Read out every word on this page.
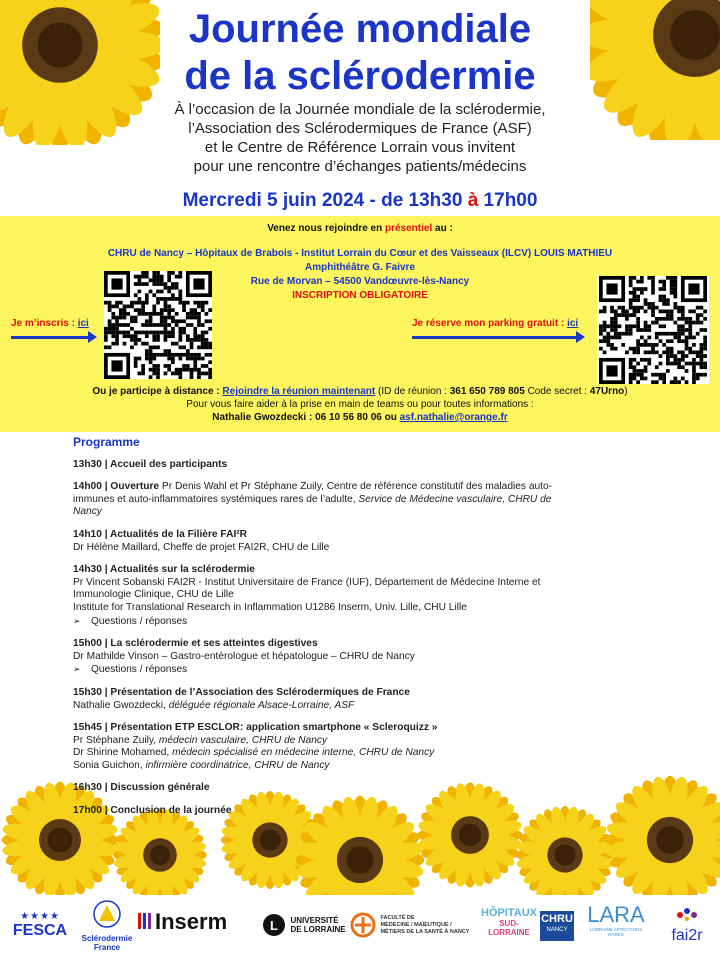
Journée mondiale
de la sclérodermie
À l’occasion de la Journée mondiale de la sclérodermie,
l’Association des Sclérodermiques de France (ASF)
et le Centre de Référence Lorrain vous invitent
pour une rencontre d’échanges patients/médecins
Mercredi 5 juin 2024 - de 13h30 à 17h00
Venez nous rejoindre en présentiel au :
CHRU de Nancy – Hôpitaux de Brabois - Institut Lorrain du Cœur et des Vaisseaux (ILCV) LOUIS MATHIEU
Amphithéâtre G. Faivre
Rue de Morvan – 54500 Vandœuvre-lès-Nancy
INSCRIPTION OBLIGATOIRE
Je m’inscris : ici	Je réserve mon parking gratuit : ici
Ou je participe à distance : Rejoindre la réunion maintenant (ID de réunion : 361 650 789 805 Code secret : 47Urno)
Pour vous faire aider à la prise en main de teams ou pour toutes informations :
Nathalie Gwozdecki : 06 10 56 80 06 ou asf.nathalie@orange.fr
Programme
13h30 | Accueil des participants
14h00 | Ouverture Pr Denis Wahl et Pr Stéphane Zuily, Centre de référence constitutif des maladies auto-
immunes et auto-inflammatoires systémiques rares de l’adulte, Service de Médecine vasculaire, CHRU de
Nancy
14h10 | Actualités de la Filière FAI²R
Dr Hélène Maillard, Cheffe de projet FAI2R, CHU de Lille
14h30 | Actualités sur la sclérodermie
Pr Vincent Sobanski FAI2R - Institut Universitaire de France (IUF), Département de Médecine Interne et
Immunologie Clinique, CHU de Lille
Institute for Translational Research in Inflammation U1286 Inserm, Univ. Lille, CHU Lille
➢ Questions / réponses
15h00 | La sclérodermie et ses atteintes digestives
Dr Mathilde Vinson – Gastro-entérologue et hépatologue – CHRU de Nancy
➢ Questions / réponses
15h30 | Présentation de l’Association des Sclérodermiques de France
Nathalie Gwozdecki, déléguée régionale Alsace-Lorraine, ASF
15h45 | Présentation ETP ESCLOR: application smartphone « Scleroquizz »
Pr Stéphane Zuily, médecin vasculaire, CHRU de Nancy
Dr Shirine Mohamed, médecin spécialisé en médecine interne, CHRU de Nancy
Sonia Guichon, infirmière coordinatrice, CHRU de Nancy
16h30 | Discussion générale
17h00 | Conclusion de la journée
★★★★
FESCA	Sclérodermie
France
Inserm	L UNIVERSITÉ
DE LORRAINE
FACULTÉ DE
MÉDECINE / MAÏEUTIQUE /
MÉTIERS DE LA SANTÉ À NANCY
HÔPITAUX
SUD-LORRAINE
CHRU
NANCY
LARA
LORRAINE AFFECTIONS RARES	fai2r
